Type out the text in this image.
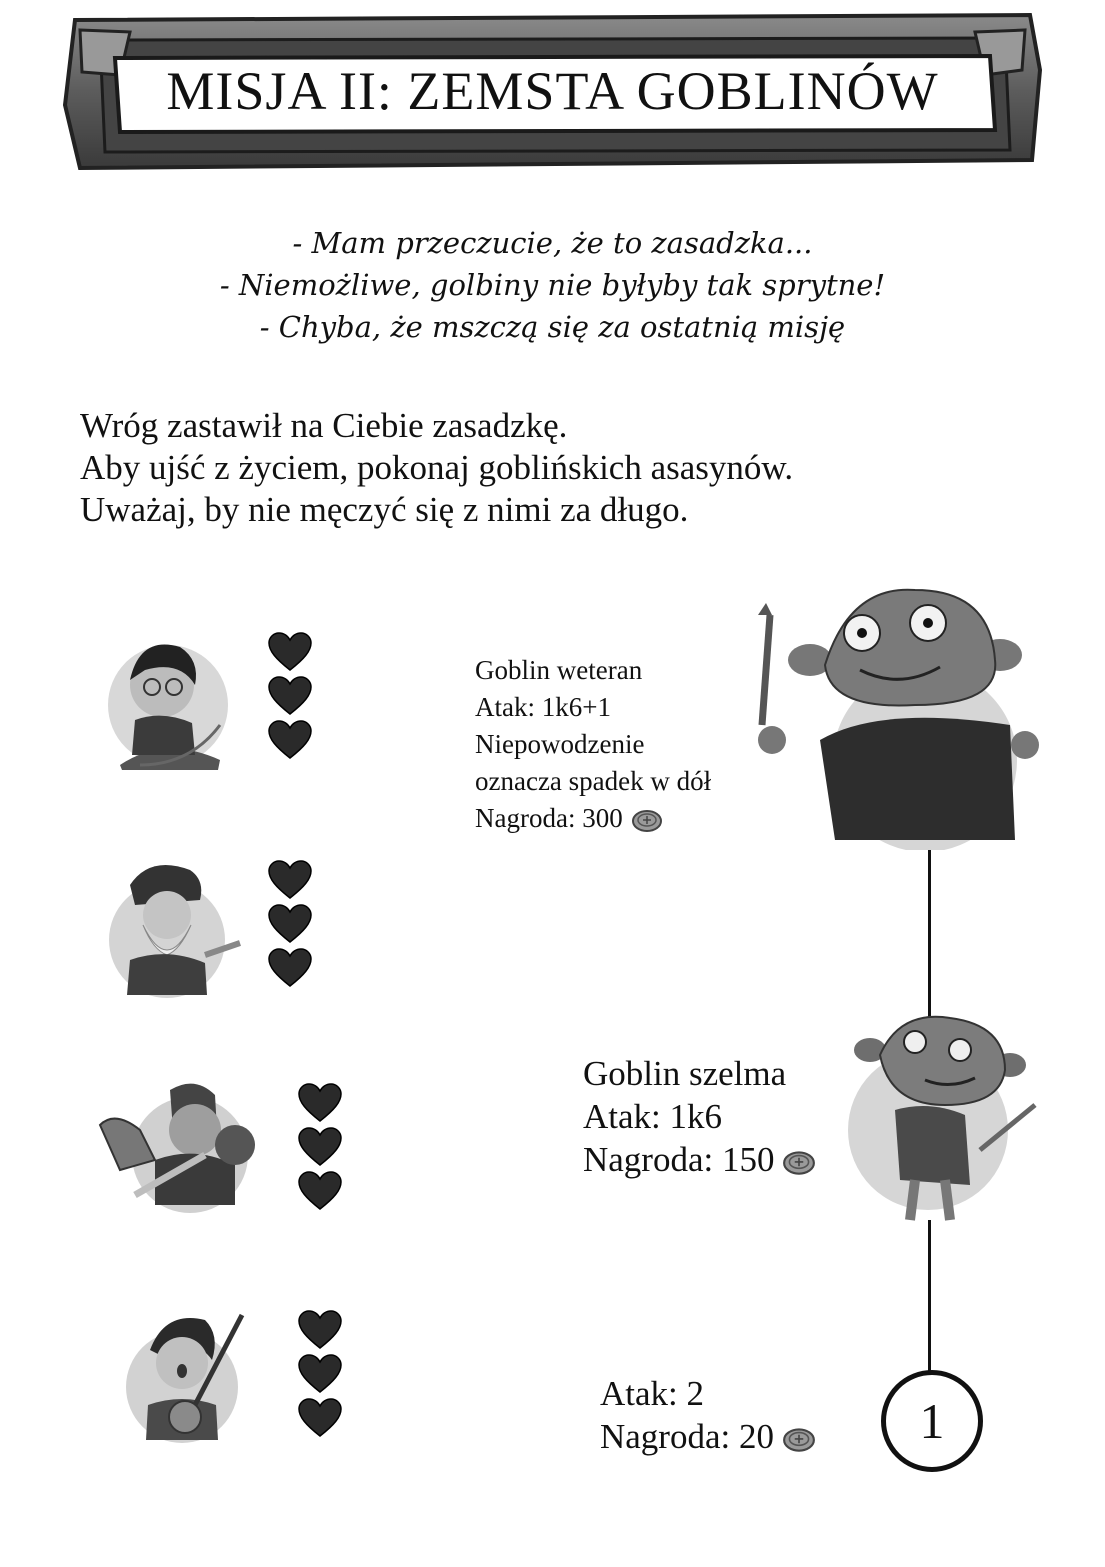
MISJA II: ZEMSTA GOBLINÓW
- Mam przeczucie, że to zasadzka...
- Niemożliwe, golbiny nie byłyby tak sprytne!
- Chyba, że mszczą się za ostatnią misję
Wróg zastawił na Ciebie zasadzkę.
Aby ujść z życiem, pokonaj goblińskich asasynów.
Uważaj, by nie męczyć się z nimi za długo.
Goblin weteran
Atak: 1k6+1
Niepowodzenie
oznacza spadek w dół
Nagroda: 300
Goblin szelma
Atak: 1k6
Nagroda: 150
Atak: 2
Nagroda: 20	1
